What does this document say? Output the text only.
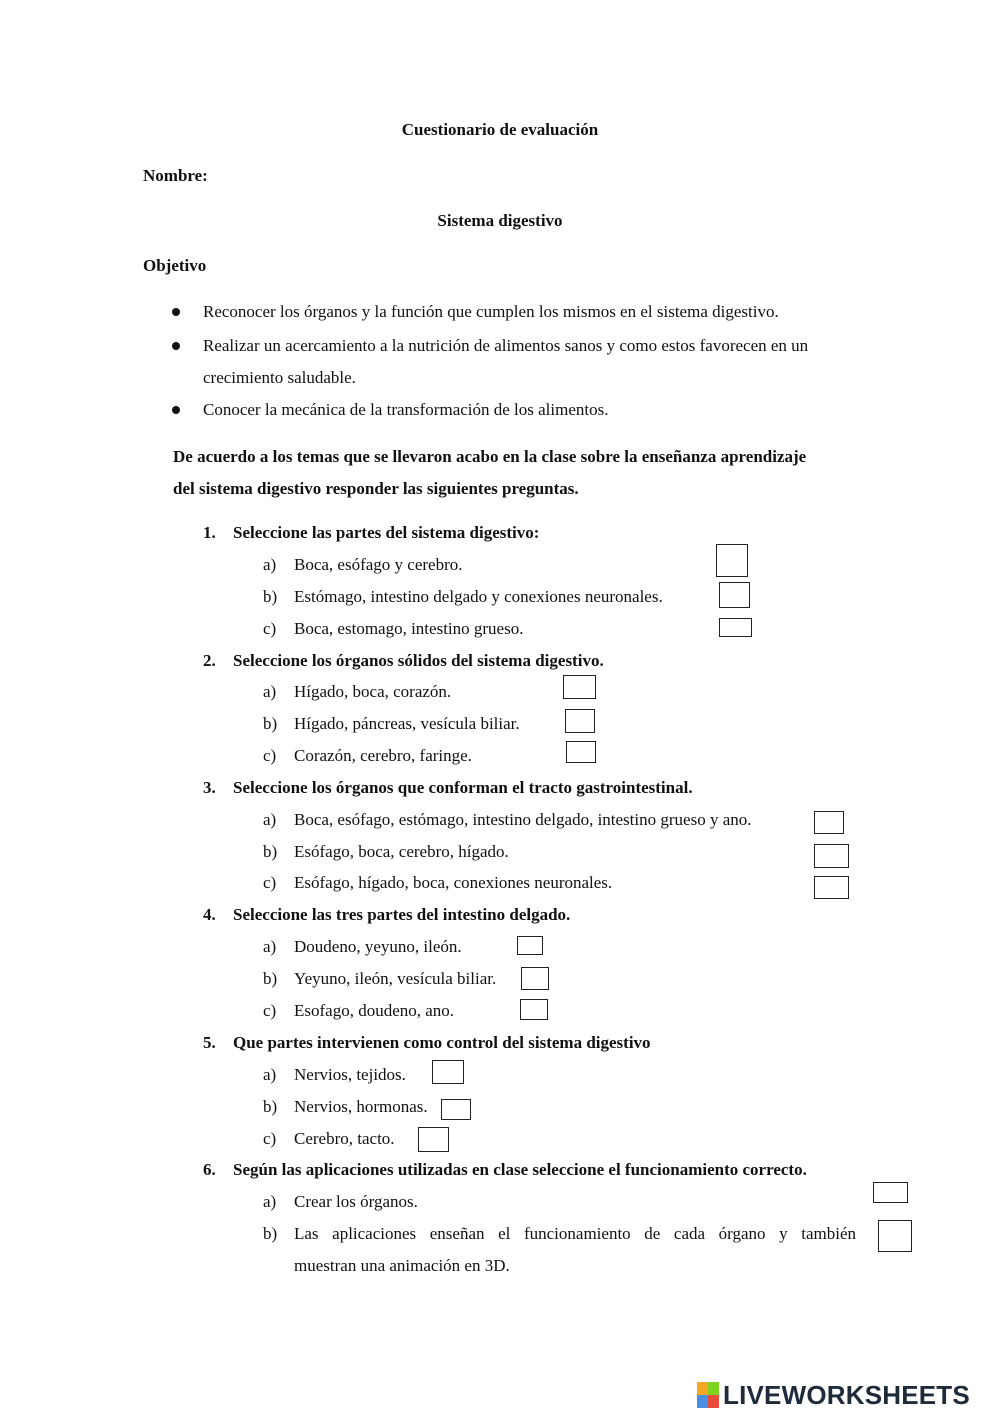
Cuestionario de evaluación
Nombre:
Sistema digestivo
Objetivo
Reconocer los órganos y la función que cumplen los mismos en el sistema digestivo.
Realizar un acercamiento a la nutrición de alimentos sanos y como estos favorecen en un
crecimiento saludable.
Conocer la mecánica de la transformación de los alimentos.
De acuerdo a los temas que se llevaron acabo en la clase sobre la enseñanza aprendizaje
del sistema digestivo responder las siguientes preguntas.
1. Seleccione las partes del sistema digestivo:
a) Boca, esófago y cerebro.
b) Estómago, intestino delgado y conexiones neuronales.
c) Boca, estomago, intestino grueso.
2. Seleccione los órganos sólidos del sistema digestivo.
a) Hígado, boca, corazón.
b) Hígado, páncreas, vesícula biliar.
c) Corazón, cerebro, faringe.
3. Seleccione los órganos que conforman el tracto gastrointestinal.
a) Boca, esófago, estómago, intestino delgado, intestino grueso y ano.
b) Esófago, boca, cerebro, hígado.
c) Esófago, hígado, boca, conexiones neuronales.
4. Seleccione las tres partes del intestino delgado.
a) Doudeno, yeyuno, ileón.
b) Yeyuno, ileón, vesícula biliar.
c) Esofago, doudeno, ano.
5. Que partes intervienen como control del sistema digestivo
a) Nervios, tejidos.
b) Nervios, hormonas.
c) Cerebro, tacto.
6. Según las aplicaciones utilizadas en clase seleccione el funcionamiento correcto.
a) Crear los órganos.
b) Las aplicaciones enseñan el funcionamiento de cada órgano y también
muestran una animación en 3D.
LIVEWORKSHEETS
